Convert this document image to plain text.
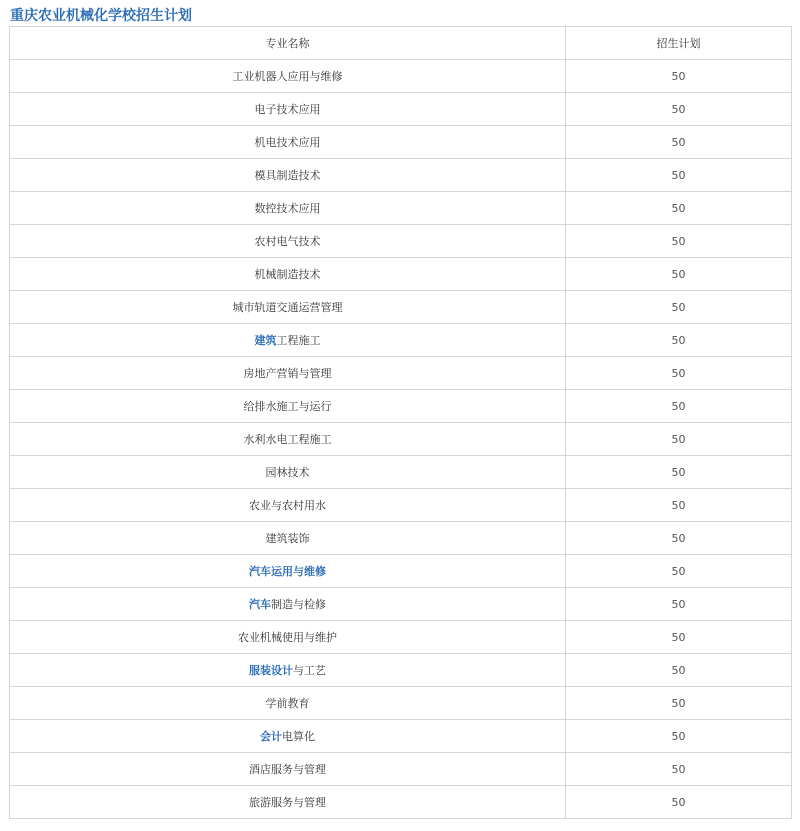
重庆农业机械化学校招生计划
专业名称	招生计划
工业机器人应用与维修	50
电子技术应用	50
机电技术应用	50
模具制造技术	50
数控技术应用	50
农村电气技术	50
机械制造技术	50
城市轨道交通运营管理	50
建筑工程施工	50
房地产营销与管理	50
给排水施工与运行	50
水利水电工程施工	50
园林技术	50
农业与农村用水	50
建筑装饰	50
汽车运用与维修	50
汽车制造与检修	50
农业机械使用与维护	50
服装设计与工艺	50
学前教育	50
会计电算化	50
酒店服务与管理	50
旅游服务与管理	50
